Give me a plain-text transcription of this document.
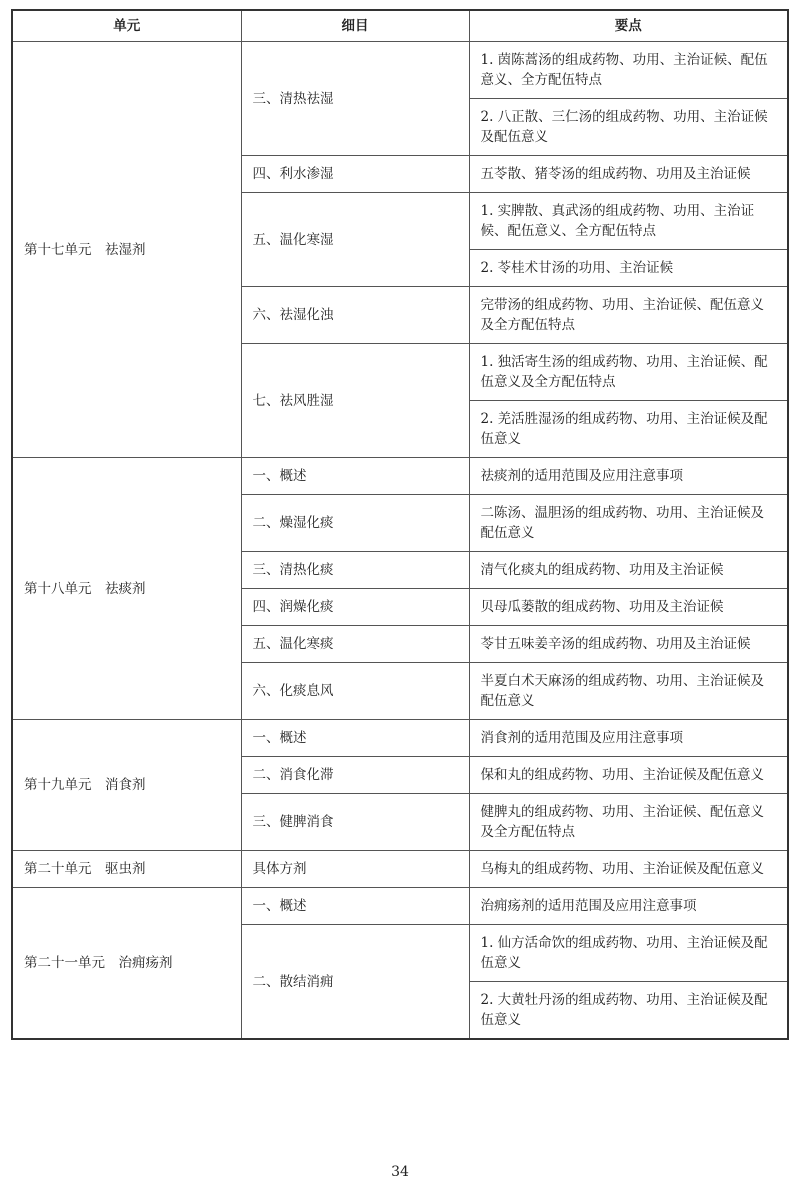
单元	细目	要点
第十七单元　祛湿剂	三、清热祛湿	1. 茵陈蒿汤的组成药物、功用、主治证候、配伍意义、全方配伍特点
		2. 八正散、三仁汤的组成药物、功用、主治证候及配伍意义
	四、利水渗湿	五苓散、猪苓汤的组成药物、功用及主治证候
	五、温化寒湿	1. 实脾散、真武汤的组成药物、功用、主治证候、配伍意义、全方配伍特点
		2. 苓桂术甘汤的功用、主治证候
	六、祛湿化浊	完带汤的组成药物、功用、主治证候、配伍意义及全方配伍特点
	七、祛风胜湿	1. 独活寄生汤的组成药物、功用、主治证候、配伍意义及全方配伍特点
		2. 羌活胜湿汤的组成药物、功用、主治证候及配伍意义
第十八单元　祛痰剂	一、概述	祛痰剂的适用范围及应用注意事项
	二、燥湿化痰	二陈汤、温胆汤的组成药物、功用、主治证候及配伍意义
	三、清热化痰	清气化痰丸的组成药物、功用及主治证候
	四、润燥化痰	贝母瓜蒌散的组成药物、功用及主治证候
	五、温化寒痰	苓甘五味姜辛汤的组成药物、功用及主治证候
	六、化痰息风	半夏白术天麻汤的组成药物、功用、主治证候及配伍意义
第十九单元　消食剂	一、概述	消食剂的适用范围及应用注意事项
	二、消食化滞	保和丸的组成药物、功用、主治证候及配伍意义
	三、健脾消食	健脾丸的组成药物、功用、主治证候、配伍意义及全方配伍特点
第二十单元　驱虫剂	具体方剂	乌梅丸的组成药物、功用、主治证候及配伍意义
第二十一单元　治痈疡剂	一、概述	治痈疡剂的适用范围及应用注意事项
	二、散结消痈	1. 仙方活命饮的组成药物、功用、主治证候及配伍意义
		2. 大黄牡丹汤的组成药物、功用、主治证候及配伍意义
34
